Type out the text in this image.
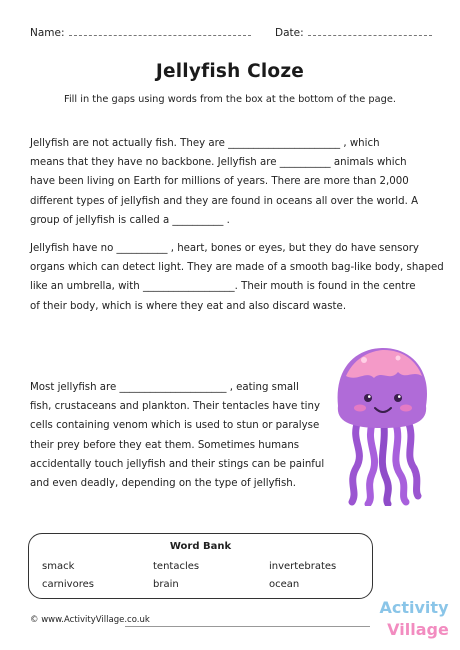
Name:	Date:
Jellyfish Cloze
Fill in the gaps using words from the box at the bottom of the page.

Jellyfish are not actually fish. They are ______________________ , which

means that they have no backbone. Jellyfish are __________ animals which

have been living on Earth for millions of years. There are more than 2,000

different types of jellyfish and they are found in oceans all over the world. A

group of jellyfish is called a __________ .

Jellyfish have no __________ , heart, bones or eyes, but they do have sensory

organs which can detect light. They are made of a smooth bag-like body, shaped

like an umbrella, with __________________. Their mouth is found in the centre

of their body, which is where they eat and also discard waste.

Most jellyfish are _____________________ , eating small

fish, crustaceans and plankton. Their tentacles have tiny

cells containing venom which is used to stun or paralyse

their prey before they eat them. Sometimes humans

accidentally touch jellyfish and their stings can be painful

and even deadly, depending on the type of jellyfish.

Word Bank
smack	tentacles	invertebrates
carnivores	brain	ocean
© www.ActivityVillage.co.uk
Activity
Village
